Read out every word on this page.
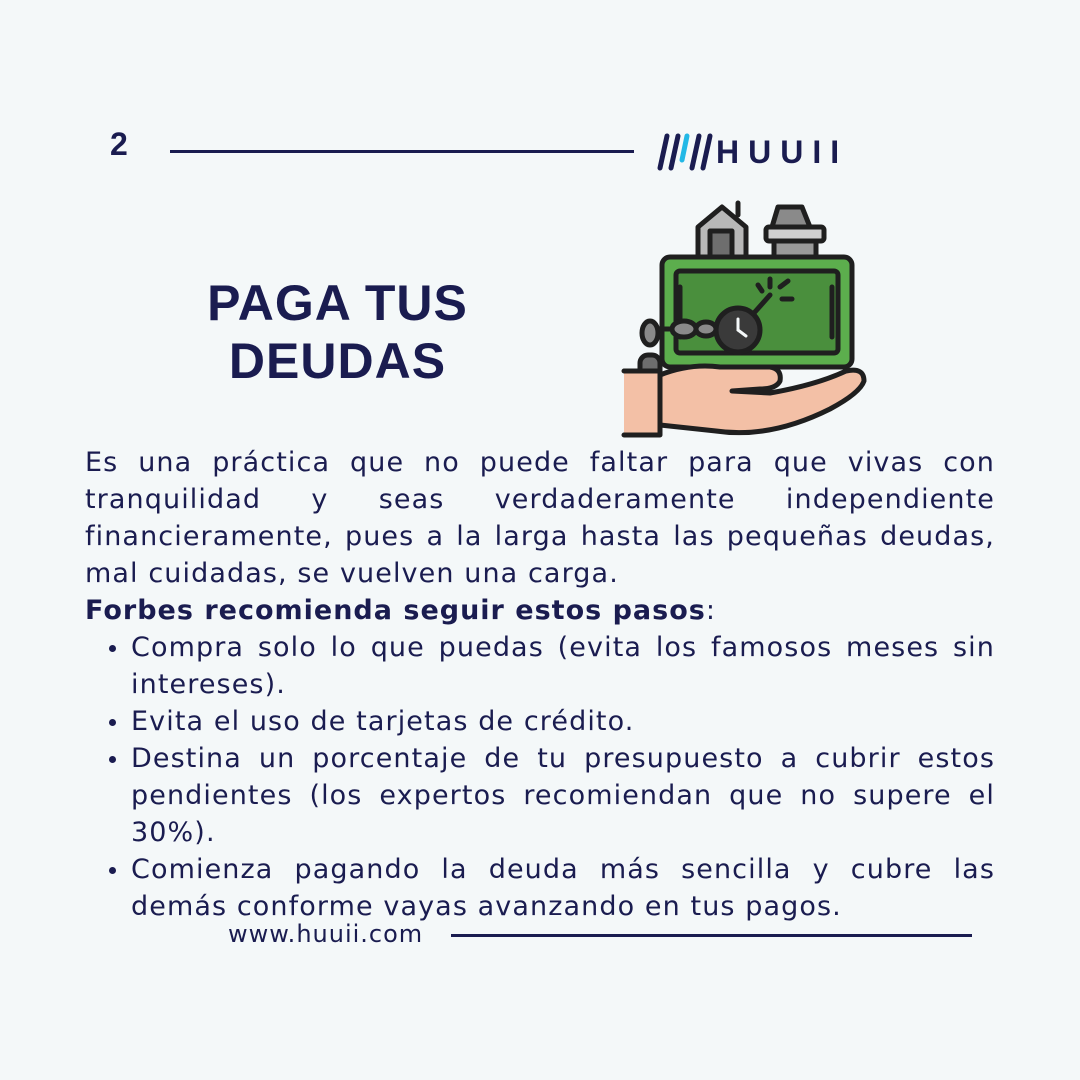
2	HUUII
PAGA TUS DEUDAS

Es una práctica que no puede faltar para que vivas con tranquilidad y seas verdaderamente independiente financieramente, pues a la larga hasta las pequeñas deudas, mal cuidadas, se vuelven una carga.

Forbes recomienda seguir estos pasos:

Compra solo lo que puedas (evita los famosos meses sin intereses).
Evita el uso de tarjetas de crédito.
Destina un porcentaje de tu presupuesto a cubrir estos pendientes (los expertos recomiendan que no supere el 30%).
Comienza pagando la deuda más sencilla y cubre las demás conforme vayas avanzando en tus pagos.
www.huuii.com
